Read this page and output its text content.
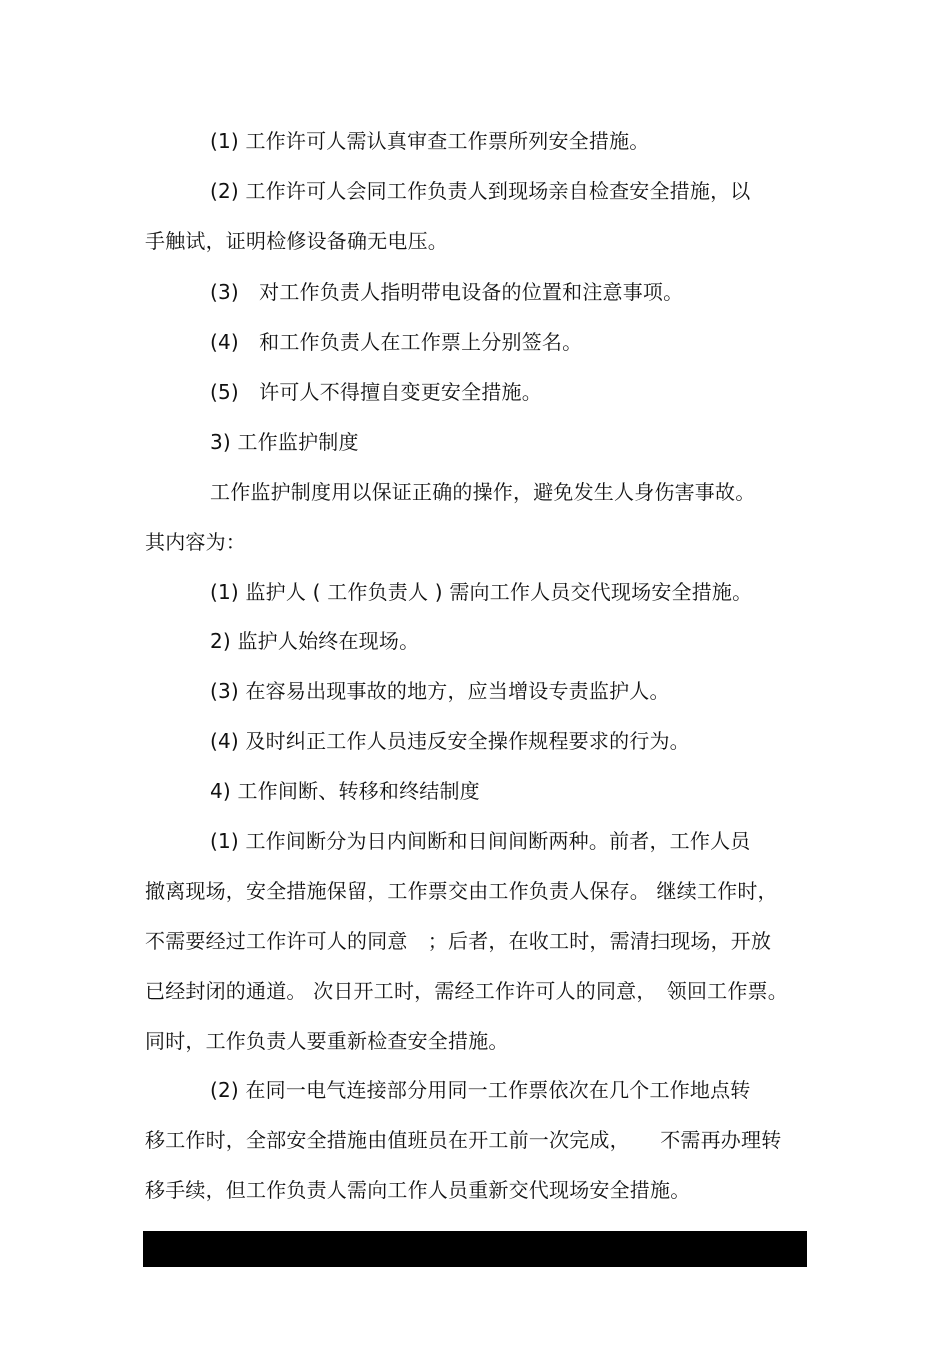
(1) 工作许可人需认真审查工作票所列安全措施。
(2) 工作许可人会同工作负责人到现场亲自检查安全措施，以
手触试，证明检修设备确无电压。
(3)　对工作负责人指明带电设备的位置和注意事项。
(4)　和工作负责人在工作票上分别签名。
(5)　许可人不得擅自变更安全措施。
3) 工作监护制度
工作监护制度用以保证正确的操作，避免发生人身伤害事故。
其内容为：
(1) 监护人 ( 工作负责人 ) 需向工作人员交代现场安全措施。
2) 监护人始终在现场。
(3) 在容易出现事故的地方，应当增设专责监护人。
(4) 及时纠正工作人员违反安全操作规程要求的行为。
4) 工作间断、转移和终结制度
(1) 工作间断分为日内间断和日间间断两种。前者，工作人员
撤离现场，安全措施保留，工作票交由工作负责人保存。 继续工作时，
不需要经过工作许可人的同意　；后者，在收工时，需清扫现场，开放
已经封闭的通道。 次日开工时，需经工作许可人的同意，　领回工作票。
同时，工作负责人要重新检查安全措施。
(2) 在同一电气连接部分用同一工作票依次在几个工作地点转
移工作时，全部安全措施由值班员在开工前一次完成，　　不需再办理转
移手续，但工作负责人需向工作人员重新交代现场安全措施。
